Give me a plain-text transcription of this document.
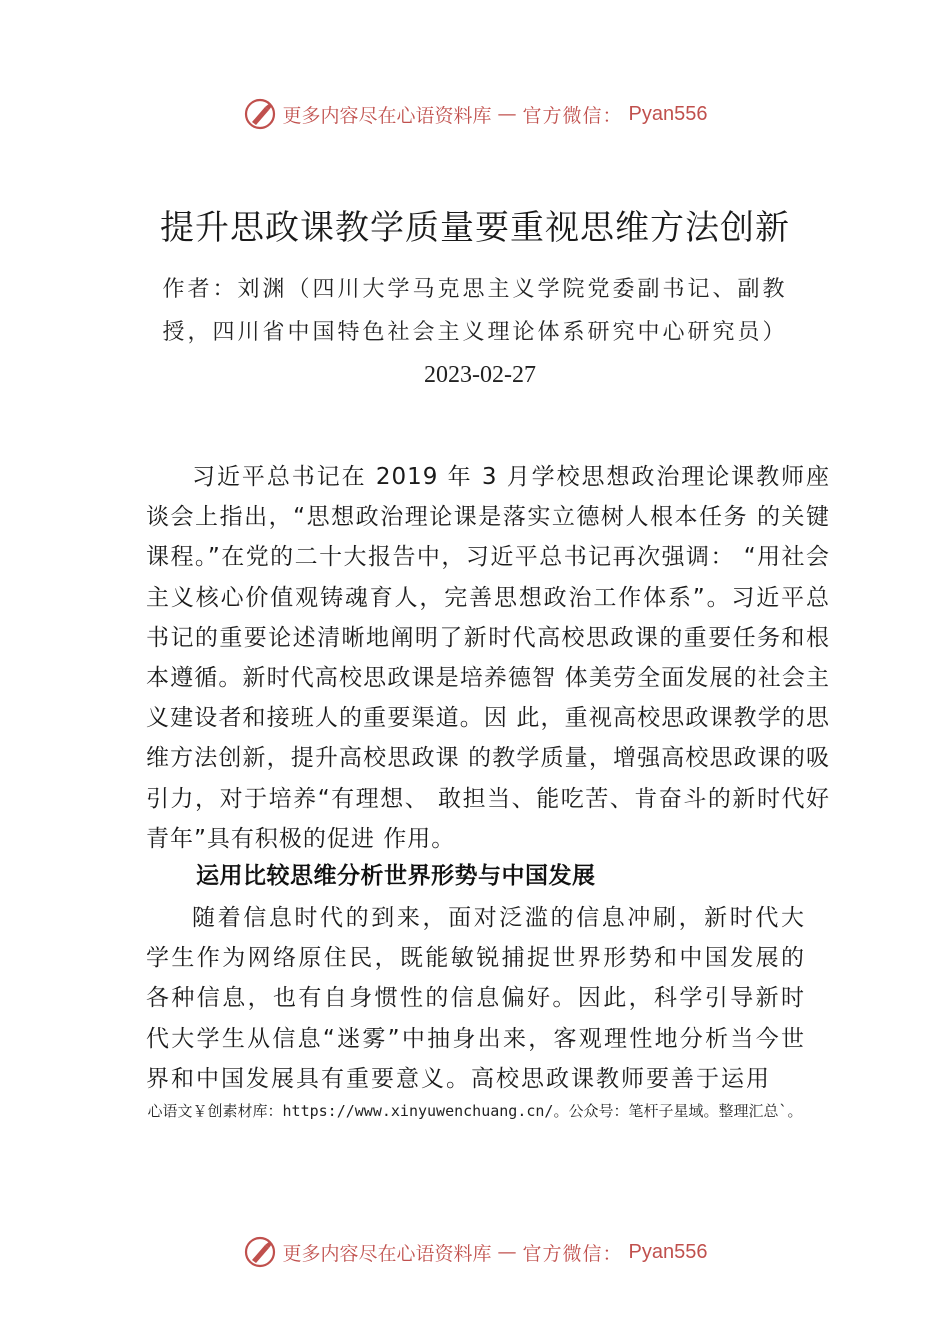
更多内容尽在心语资料库 — 官方微信： Pyan556
提升思政课教学质量要重视思维方法创新
作者：刘渊（四川大学马克思主义学院党委副书记、副教授，四川省中国特色社会主义理论体系研究中心研究员） 2023-02-27

习近平总书记在 2019 年 3 月学校思想政治理论课教师座谈会上指出，“思想政治理论课是落实立德树人根本任务 的关键课程。”在党的二十大报告中，习近平总书记再次强调： “用社会主义核心价值观铸魂育人，完善思想政治工作体系”。习近平总书记的重要论述清晰地阐明了新时代高校思政课的重要任务和根本遵循。新时代高校思政课是培养德智 体美劳全面发展的社会主义建设者和接班人的重要渠道。因 此，重视高校思政课教学的思维方法创新，提升高校思政课 的教学质量，增强高校思政课的吸引力，对于培养“有理想、 敢担当、能吃苦、肯奋斗的新时代好青年”具有积极的促进 作用。

运用比较思维分析世界形势与中国发展

随着信息时代的到来，面对泛滥的信息冲刷，新时代大学生作为网络原住民，既能敏锐捕捉世界形势和中国发展的各种信息，也有自身惯性的信息偏好。因此，科学引导新时代大学生从信息“迷雾”中抽身出来，客观理性地分析当今世界和中国发展具有重要意义。高校思政课教师要善于运用

心语文￥创素材库：https://www.xinyuwenchuang.cn/。公众号：笔杆子星域。整理汇总`。
更多内容尽在心语资料库 — 官方微信： Pyan556
